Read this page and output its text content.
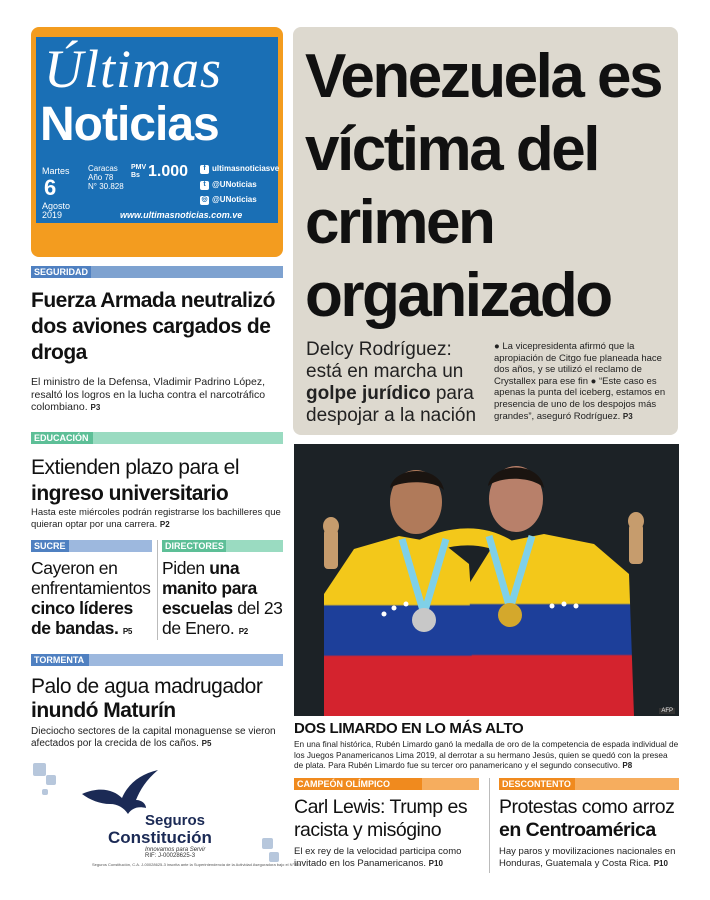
Últimas
Noticias
Martes
6
Agosto
2019
Caracas
Año 78
N° 30.828
PMV
Bs 1.000	f ultimasnoticiasve
t @UNoticias
◎ @UNoticias
www.ultimasnoticias.com.ve
Venezuela es víctima del crimen organizado
Delcy Rodríguez: está en marcha un golpe jurídico para despojar a la nación
● La vicepresidenta afirmó que la apropiación de Citgo fue planeada hace dos años, y se utilizó el reclamo de Crystallex para ese fin ● “Este caso es apenas la punta del iceberg, estamos en presencia de uno de los despojos más grandes”, aseguró Rodríguez. P3
SEGURIDAD
Fuerza Armada neutralizó dos aviones cargados de droga
El ministro de la Defensa, Vladimir Padrino López, resaltó los logros en la lucha contra el narcotráfico colombiano. P3
EDUCACIÓN
Extienden plazo para el ingreso universitario
Hasta este miércoles podrán registrarse los bachilleres que quieran optar por una carrera. P2
SUCRE
Cayeron en enfrentamientos cinco líderes de bandas. P5
DIRECTORES
Piden una manito para escuelas del 23 de Enero. P2
TORMENTA
Palo de agua madrugador inundó Maturín
Dieciocho sectores de la capital monaguense se vieron afectados por la crecida de los caños. P5
Seguros
Constitución
Innovamos para Servir
RIF: J-00028625-3
Seguros Constitución, C.A. J-00028625-3 inscrita ante la Superintendencia de la Actividad Aseguradora bajo el N° 55
AFP
DOS LIMARDO EN LO MÁS ALTO
En una final histórica, Rubén Limardo ganó la medalla de oro de la competencia de espada individual de los Juegos Panamericanos Lima 2019, al derrotar a su hermano Jesús, quien se quedó con la presea de plata. Para Rubén Limardo fue su tercer oro panamericano y el segundo consecutivo. P8
CAMPEÓN OLÍMPICO
Carl Lewis: Trump es racista y misógino
El ex rey de la velocidad participa como invitado en los Panamericanos. P10
DESCONTENTO
Protestas como arroz en Centroamérica
Hay paros y movilizaciones nacionales en Honduras, Guatemala y Costa Rica. P10
